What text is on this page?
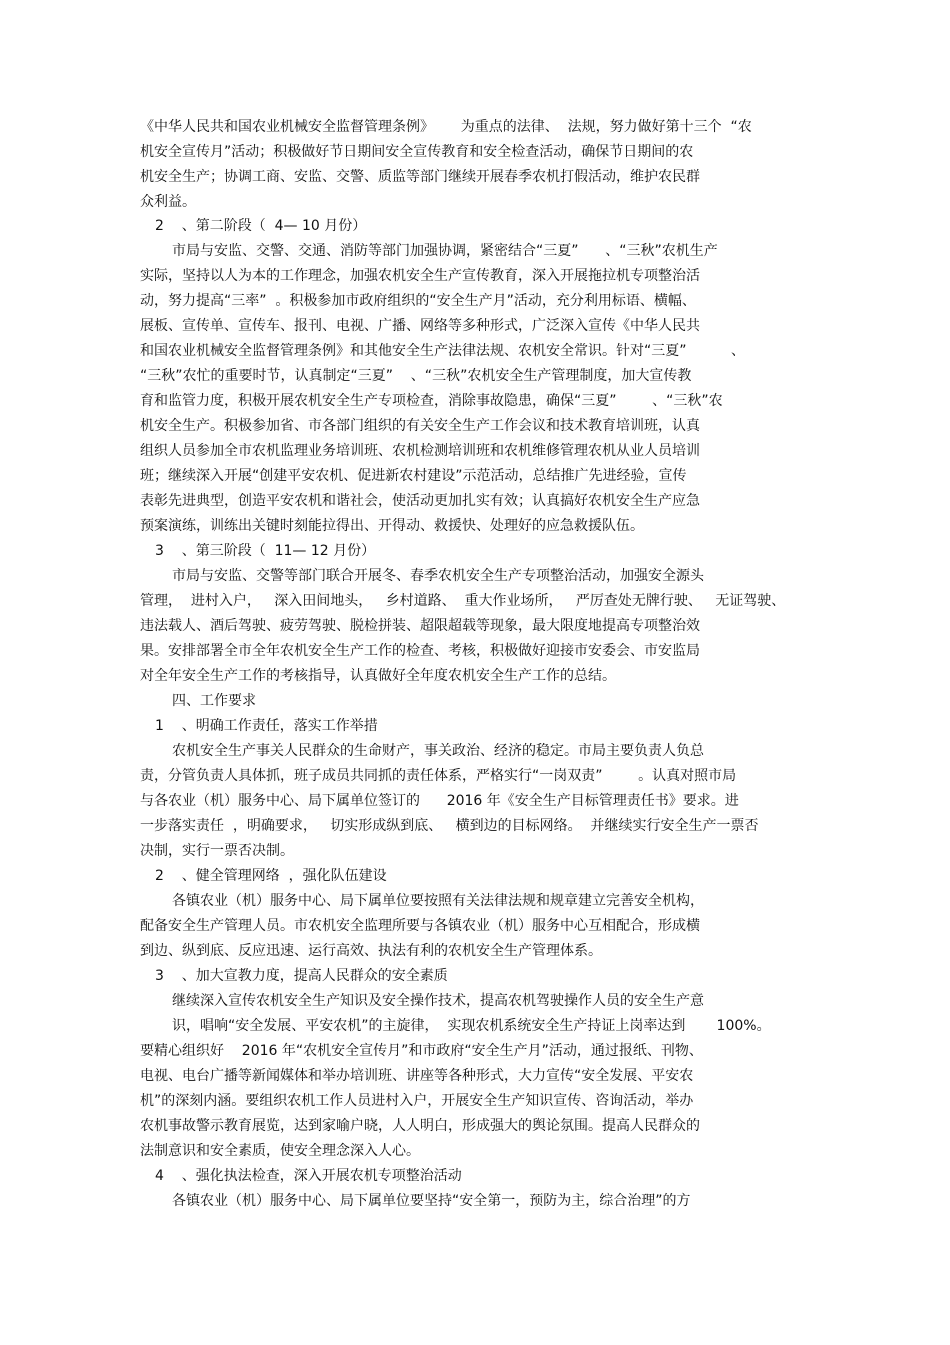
《中华人民共和国农业机械安全监督管理条例》      为重点的法律、  法规，努力做好第十三个  “农
机安全宣传月”活动；积极做好节日期间安全宣传教育和安全检查活动，确保节日期间的农
机安全生产；协调工商、安监、交警、质监等部门继续开展春季农机打假活动，维护农民群
众利益。
2    、第二阶段（  4— 10 月份）
市局与安监、交警、交通、消防等部门加强协调，紧密结合“三夏”      、“三秋”农机生产
实际，坚持以人为本的工作理念，加强农机安全生产宣传教育，深入开展拖拉机专项整治活
动，努力提高“三率”  。积极参加市政府组织的“安全生产月”活动，充分利用标语、横幅、
展板、宣传单、宣传车、报刊、电视、广播、网络等多种形式，广泛深入宣传《中华人民共
和国农业机械安全监督管理条例》和其他安全生产法律法规、农机安全常识。针对“三夏”          、
“三秋”农忙的重要时节，认真制定“三夏”    、“三秋”农机安全生产管理制度，加大宣传教
育和监管力度，积极开展农机安全生产专项检查，消除事故隐患，确保“三夏”        、“三秋”农
机安全生产。积极参加省、市各部门组织的有关安全生产工作会议和技术教育培训班，认真
组织人员参加全市农机监理业务培训班、农机检测培训班和农机维修管理农机从业人员培训
班；继续深入开展“创建平安农机、促进新农村建设”示范活动，总结推广先进经验，宣传
表彰先进典型，创造平安农机和谐社会，使活动更加扎实有效；认真搞好农机安全生产应急
预案演练，训练出关键时刻能拉得出、开得动、救援快、处理好的应急救援队伍。
3    、第三阶段（  11— 12 月份）
市局与安监、交警等部门联合开展冬、春季农机安全生产专项整治活动，加强安全源头
管理，  进村入户，   深入田间地头，   乡村道路、  重大作业场所，   严厉查处无牌行驶、   无证驾驶、
违法载人、酒后驾驶、疲劳驾驶、脱检拼装、超限超载等现象，最大限度地提高专项整治效
果。安排部署全市全年农机安全生产工作的检查、考核，积极做好迎接市安委会、市安监局
对全年安全生产工作的考核指导，认真做好全年度农机安全生产工作的总结。
四、工作要求
1    、明确工作责任，落实工作举措
农机安全生产事关人民群众的生命财产，事关政治、经济的稳定。市局主要负责人负总
责，分管负责人具体抓，班子成员共同抓的责任体系，严格实行“一岗双责”        。认真对照市局
与各农业（机）服务中心、局下属单位签订的      2016 年《安全生产目标管理责任书》要求。进
一步落实责任  ，明确要求，   切实形成纵到底、   横到边的目标网络。  并继续实行安全生产一票否
决制，实行一票否决制。
2    、健全管理网络  ，强化队伍建设
各镇农业（机）服务中心、局下属单位要按照有关法律法规和规章建立完善安全机构，
配备安全生产管理人员。市农机安全监理所要与各镇农业（机）服务中心互相配合，形成横
到边、纵到底、反应迅速、运行高效、执法有利的农机安全生产管理体系。
3    、加大宣教力度，提高人民群众的安全素质
继续深入宣传农机安全生产知识及安全操作技术，提高农机驾驶操作人员的安全生产意
识，唱响“安全发展、平安农机”的主旋律，  实现农机系统安全生产持证上岗率达到       100%。
要精心组织好    2016 年“农机安全宣传月”和市政府“安全生产月”活动，通过报纸、刊物、
电视、电台广播等新闻媒体和举办培训班、讲座等各种形式，大力宣传“安全发展、平安农
机”的深刻内涵。要组织农机工作人员进村入户，开展安全生产知识宣传、咨询活动，举办
农机事故警示教育展览，达到家喻户晓，人人明白，形成强大的舆论氛围。提高人民群众的
法制意识和安全素质，使安全理念深入人心。
4    、强化执法检查，深入开展农机专项整治活动
各镇农业（机）服务中心、局下属单位要坚持“安全第一，预防为主，综合治理”的方
